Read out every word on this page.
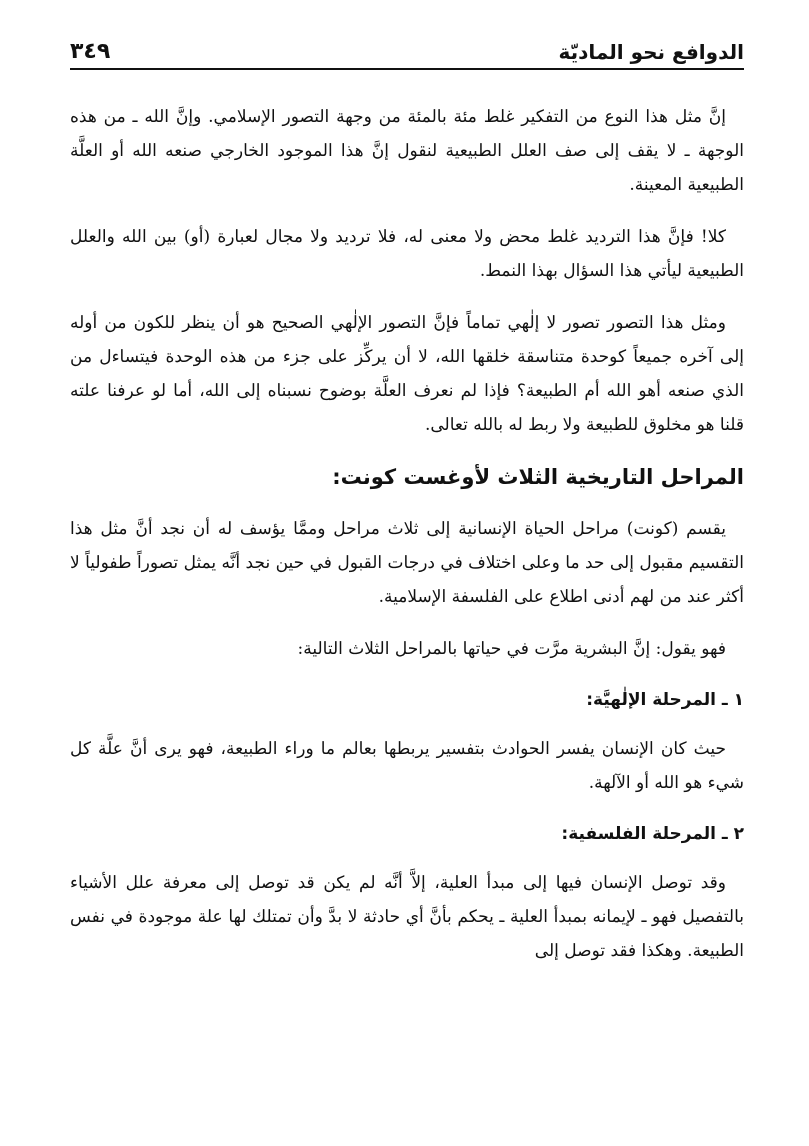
الدوافع نحو الماديّة
٣٤٩

إنَّ مثل هذا النوع من التفكير غلط مئة بالمئة من وجهة التصور الإسلامي. وإنَّ الله ـ من هذه الوجهة ـ لا يقف إلى صف العلل الطبيعية لنقول إنَّ هذا الموجود الخارجي صنعه الله أو العلَّة الطبيعية المعينة.

كلا! فإنَّ هذا الترديد غلط محض ولا معنى له، فلا ترديد ولا مجال لعبارة (أو) بين الله والعلل الطبيعية ليأتي هذا السؤال بهذا النمط.

ومثل هذا التصور تصور لا إلٰهي تماماً فإنَّ التصور الإلٰهي الصحيح هو أن ينظر للكون من أوله إلى آخره جميعاً كوحدة متناسقة خلقها الله، لا أن يركِّز على جزء من هذه الوحدة فيتساءل من الذي صنعه أهو الله أم الطبيعة؟ فإذا لم نعرف العلَّة بوضوح نسبناه إلى الله، أما لو عرفنا علته قلنا هو مخلوق للطبيعة ولا ربط له بالله تعالى.

المراحل التاريخية الثلاث لأوغست كونت:

يقسم (كونت) مراحل الحياة الإنسانية إلى ثلاث مراحل وممَّا يؤسف له أن نجد أنَّ مثل هذا التقسيم مقبول إلى حد ما وعلى اختلاف في درجات القبول في حين نجد أنَّه يمثل تصوراً طفولياً لا أكثر عند من لهم أدنى اطلاع على الفلسفة الإسلامية.

فهو يقول: إنَّ البشرية مرَّت في حياتها بالمراحل الثلاث التالية:

١ ـ المرحلة الإلٰهيَّة:

حيث كان الإنسان يفسر الحوادث بتفسير يربطها بعالم ما وراء الطبيعة، فهو يرى أنَّ علَّة كل شيء هو الله أو الآلهة.

٢ ـ المرحلة الفلسفية:

وقد توصل الإنسان فيها إلى مبدأ العلية، إلاَّ أنَّه لم يكن قد توصل إلى معرفة علل الأشياء بالتفصيل فهو ـ لإيمانه بمبدأ العلية ـ يحكم بأنَّ أي حادثة لا بدَّ وأن تمتلك لها علة موجودة في نفس الطبيعة. وهكذا فقد توصل إلى
